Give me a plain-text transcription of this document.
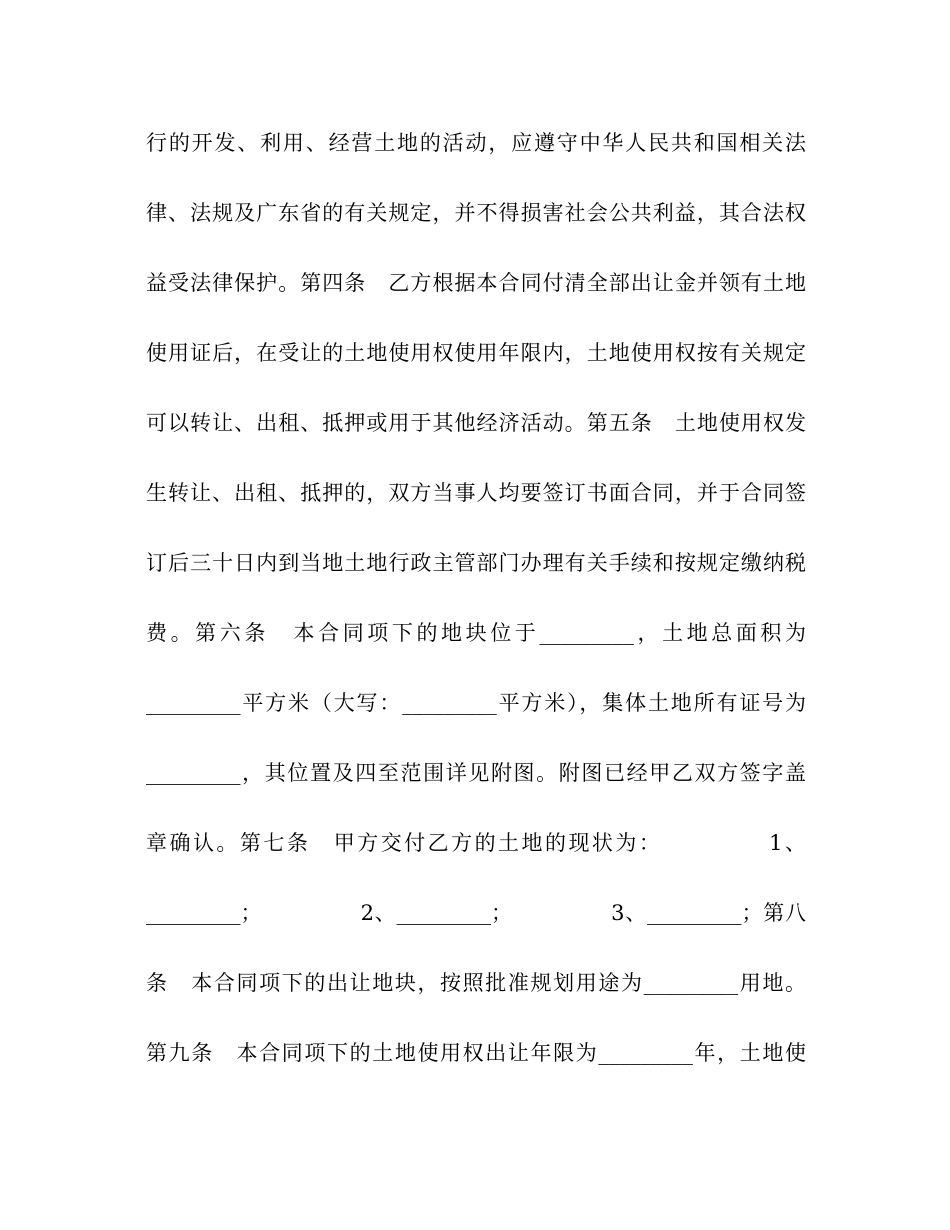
行的开发、利用、经营土地的活动，应遵守中华人民共和国相关法
律、法规及广东省的有关规定，并不得损害社会公共利益，其合法权
益受法律保护。第四条　乙方根据本合同付清全部出让金并领有土地
使用证后，在受让的土地使用权使用年限内，土地使用权按有关规定
可以转让、出租、抵押或用于其他经济活动。第五条　土地使用权发
生转让、出租、抵押的，双方当事人均要签订书面合同，并于合同签
订后三十日内到当地土地行政主管部门办理有关手续和按规定缴纳税
费。第六条　本合同项下的地块位于_________，土地总面积为
_________平方米（大写：_________平方米），集体土地所有证号为
_________，其位置及四至范围详见附图。附图已经甲乙双方签字盖
章确认。第七条　甲方交付乙方的土地的现状为：　　　　　1、
_________；　　　　　2、_________；　　　　　3、_________；第八
条　本合同项下的出让地块，按照批准规划用途为_________用地。
第九条　本合同项下的土地使用权出让年限为_________年，土地使
